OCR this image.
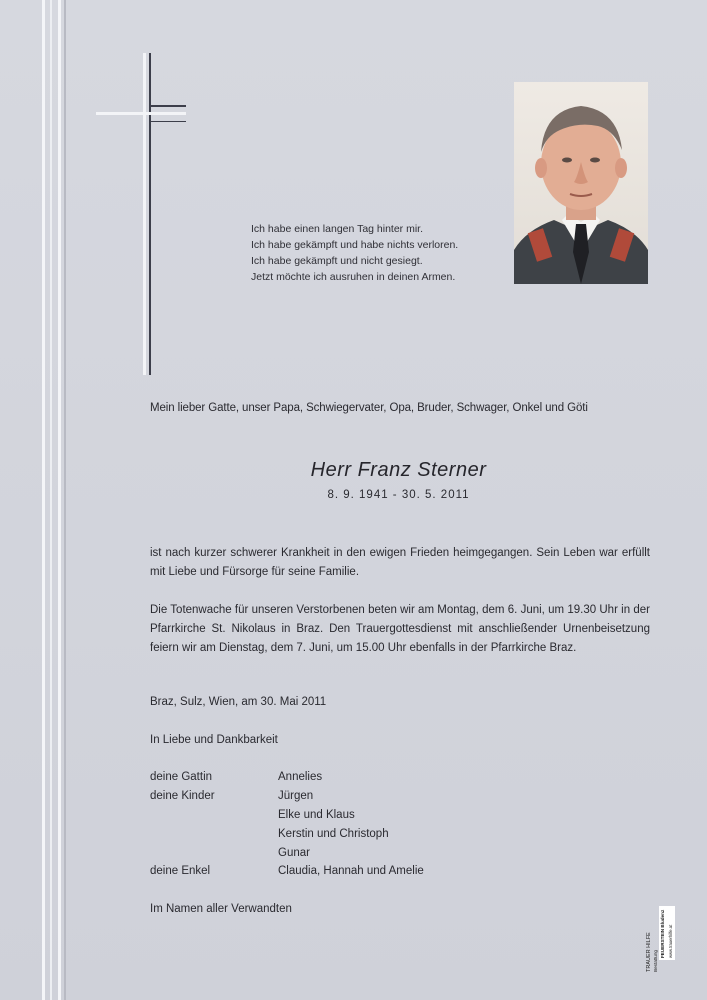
Ich habe einen langen Tag hinter mir.
Ich habe gekämpft und habe nichts verloren.
Ich habe gekämpft und nicht gesiegt.
Jetzt möchte ich ausruhen in deinen Armen.
Mein lieber Gatte, unser Papa, Schwiegervater, Opa, Bruder, Schwager, Onkel und Göti
Herr Franz Sterner
8. 9. 1941 - 30. 5. 2011
ist nach kurzer schwerer Krankheit in den ewigen Frieden heimgegangen. Sein Leben war erfüllt mit Liebe und Fürsorge für seine Familie.
Die Totenwache für unseren Verstorbenen beten wir am Montag, dem 6. Juni, um 19.30 Uhr in der Pfarrkirche St. Nikolaus in Braz. Den Trauergottesdienst mit anschließender Urnenbeisetzung feiern wir am Dienstag, dem 7. Juni, um 15.00 Uhr ebenfalls in der Pfarrkirche Braz.
Braz, Sulz, Wien, am 30. Mai 2011
In Liebe und Dankbarkeit
deine Gattin	Annelies
deine Kinder	Jürgen
Elke und Klaus
Kerstin und Christoph
Gunar
deine Enkel	Claudia, Hannah und Amelie
Im Namen aller Verwandten
TRAUER HILFE Bestattung
FEUERSTEIN Bludenz www.trauerhilfe.at
